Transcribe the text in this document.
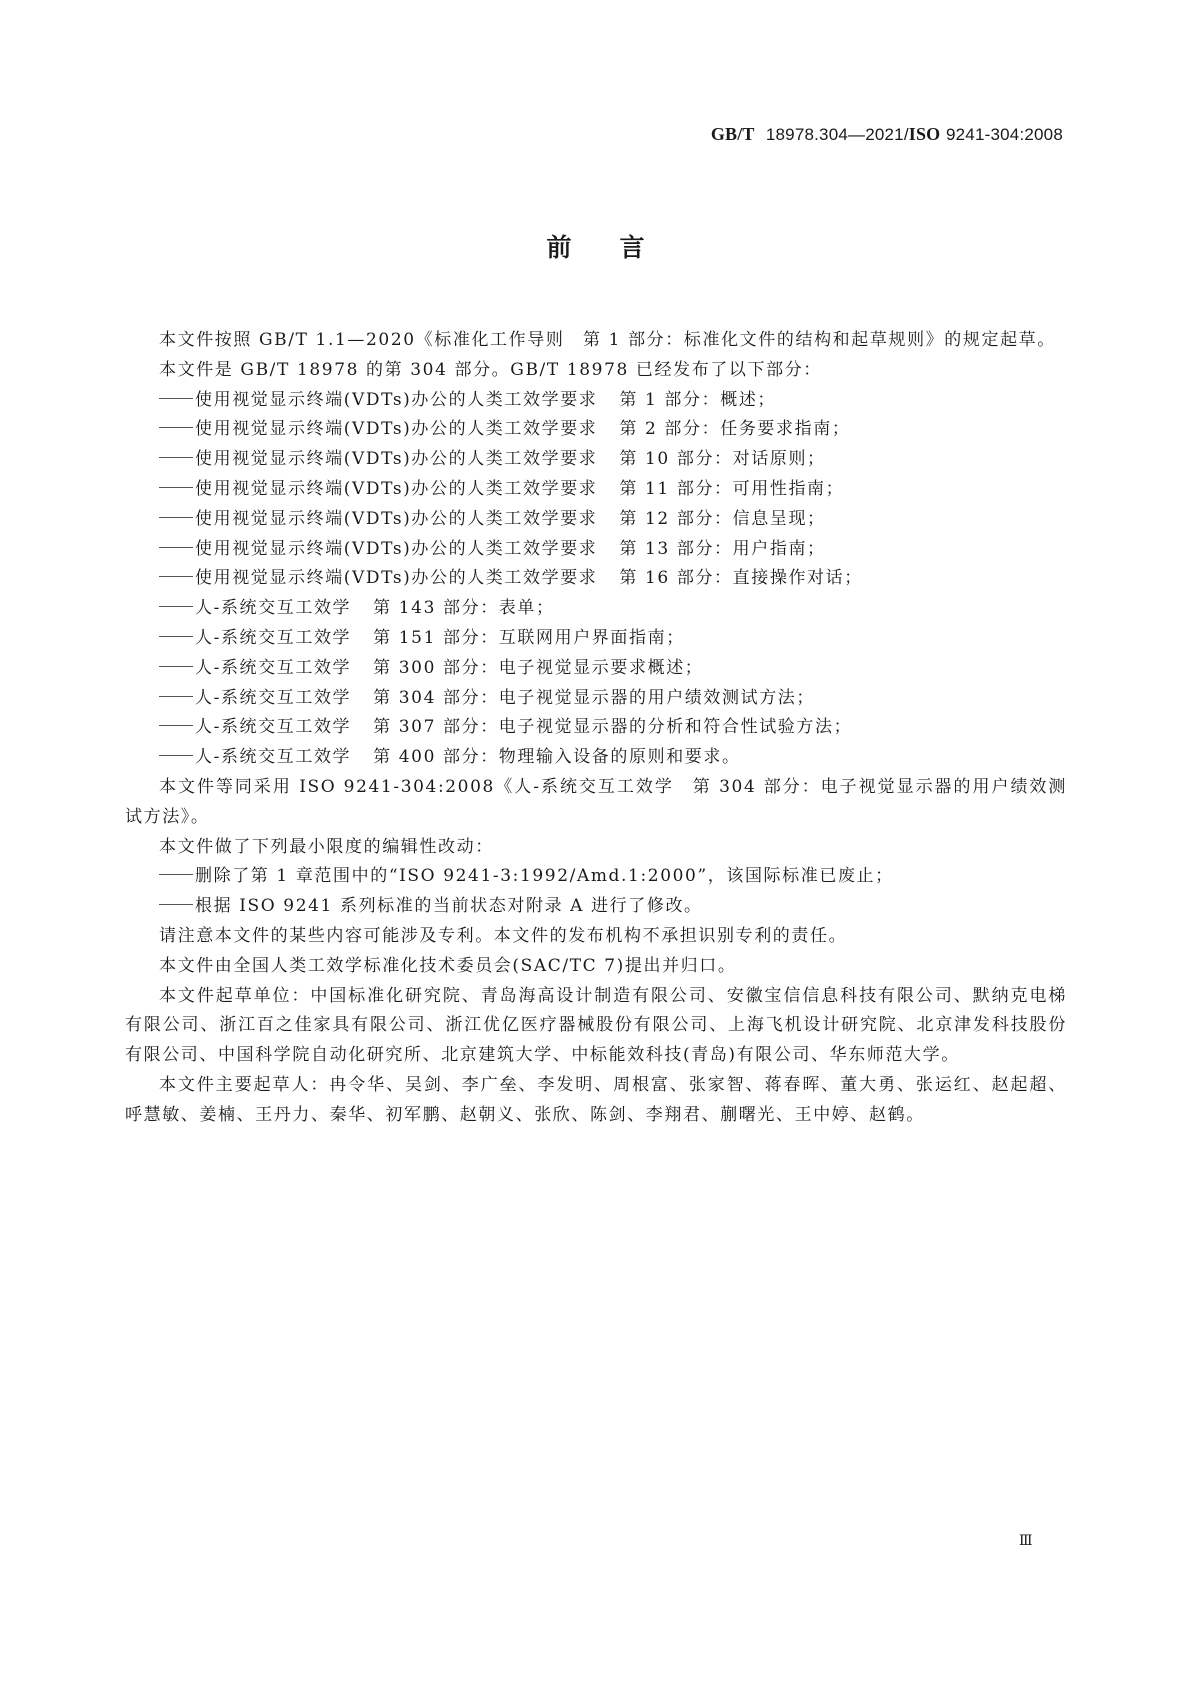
GB/T 18978.304—2021/ISO 9241-304:2008
前言

本文件按照 GB/T 1.1—2020《标准化工作导则　第 1 部分：标准化文件的结构和起草规则》的规定起草。

本文件是 GB/T 18978 的第 304 部分。GB/T 18978 已经发布了以下部分：

使用视觉显示终端(VDTs)办公的人类工效学要求 第 1 部分：概述；

使用视觉显示终端(VDTs)办公的人类工效学要求 第 2 部分：任务要求指南；

使用视觉显示终端(VDTs)办公的人类工效学要求 第 10 部分：对话原则；

使用视觉显示终端(VDTs)办公的人类工效学要求 第 11 部分：可用性指南；

使用视觉显示终端(VDTs)办公的人类工效学要求 第 12 部分：信息呈现；

使用视觉显示终端(VDTs)办公的人类工效学要求 第 13 部分：用户指南；

使用视觉显示终端(VDTs)办公的人类工效学要求 第 16 部分：直接操作对话；

人-系统交互工效学 第 143 部分：表单；

人-系统交互工效学 第 151 部分：互联网用户界面指南；

人-系统交互工效学 第 300 部分：电子视觉显示要求概述；

人-系统交互工效学 第 304 部分：电子视觉显示器的用户绩效测试方法；

人-系统交互工效学 第 307 部分：电子视觉显示器的分析和符合性试验方法；

人-系统交互工效学 第 400 部分：物理输入设备的原则和要求。

本文件等同采用 ISO 9241-304:2008《人-系统交互工效学　第 304 部分：电子视觉显示器的用户绩效测试方法》。

本文件做了下列最小限度的编辑性改动：

删除了第 1 章范围中的“ISO 9241-3:1992/Amd.1:2000”，该国际标准已废止；

根据 ISO 9241 系列标准的当前状态对附录 A 进行了修改。

请注意本文件的某些内容可能涉及专利。本文件的发布机构不承担识别专利的责任。

本文件由全国人类工效学标准化技术委员会(SAC/TC 7)提出并归口。

本文件起草单位：中国标准化研究院、青岛海高设计制造有限公司、安徽宝信信息科技有限公司、默纳克电梯有限公司、浙江百之佳家具有限公司、浙江优亿医疗器械股份有限公司、上海飞机设计研究院、北京津发科技股份有限公司、中国科学院自动化研究所、北京建筑大学、中标能效科技(青岛)有限公司、华东师范大学。

本文件主要起草人：冉令华、吴剑、李广垒、李发明、周根富、张家智、蒋春晖、董大勇、张运红、赵起超、呼慧敏、姜楠、王丹力、秦华、初军鹏、赵朝义、张欣、陈剑、李翔君、蒯曙光、王中婷、赵鹤。

Ⅲ
